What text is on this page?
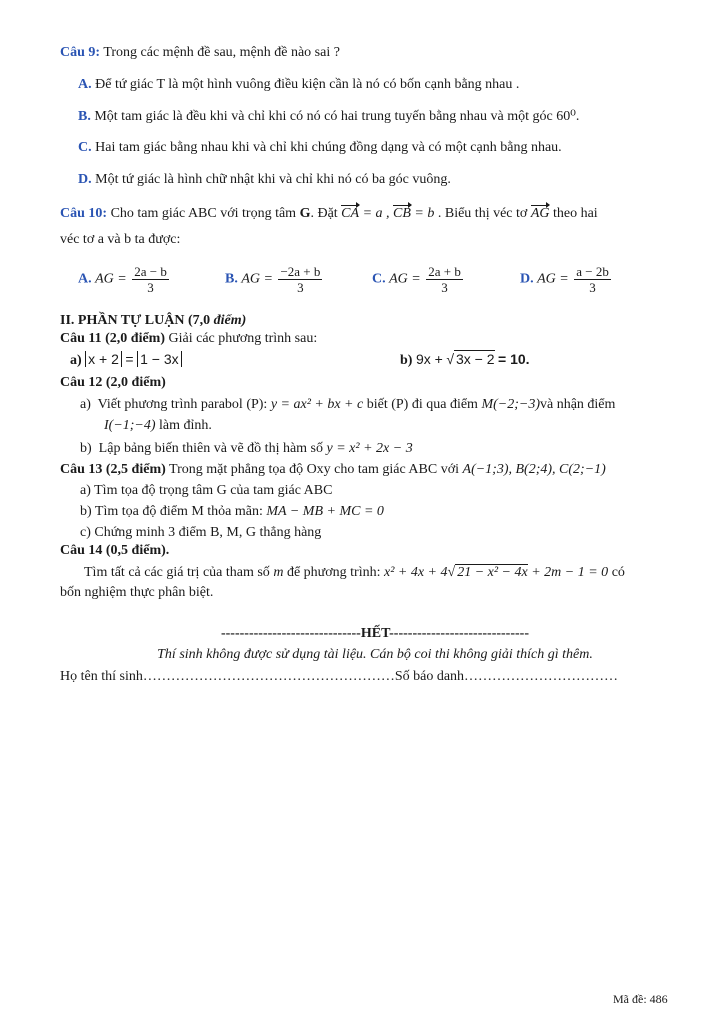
Câu 9: Trong các mệnh đề sau, mệnh đề nào sai ?
A. Để tứ giác T là một hình vuông điều kiện cần là nó có bốn cạnh bằng nhau .
B. Một tam giác là đều khi và chỉ khi có nó có hai trung tuyến bằng nhau và một góc 60⁰.
C. Hai tam giác bằng nhau khi và chỉ khi chúng đồng dạng và có một cạnh bằng nhau.
D. Một tứ giác là hình chữ nhật khi và chỉ khi nó có ba góc vuông.
Câu 10: Cho tam giác ABC với trọng tâm G. Đặt CA = a , CB = b . Biểu thị véc tơ AG theo hai
véc tơ a và b ta được:
A. AG = $\frac{2a - b}{3}$	B. AG = $\frac{-2a + b}{3}$	C. AG = $\frac{2a + b}{3}$	D. AG = $\frac{a - 2b}{3}$
II. PHẦN TỰ LUẬN (7,0 điểm)
Câu 11 (2,0 điểm) Giải các phương trình sau:
a) x + 2 = 1 − 3x	b) 9x + √ 3x − 2 = 10.
Câu 12 (2,0 điểm)
a) Viết phương trình parabol (P): y = ax² + bx + c biết (P) đi qua điểm M(−2;−3)và nhận điểm
I(−1;−4) làm đỉnh.
b) Lập bảng biến thiên và vẽ đồ thị hàm số y = x² + 2x − 3
Câu 13 (2,5 điểm) Trong mặt phẳng tọa độ Oxy cho tam giác ABC với A(−1;3), B(2;4), C(2;−1)
a) Tìm tọa độ trọng tâm G của tam giác ABC
b) Tìm tọa độ điểm M thỏa mãn: MA − MB + MC = 0
c) Chứng minh 3 điểm B, M, G thẳng hàng
Câu 14 (0,5 điểm).
Tìm tất cả các giá trị của tham số m để phương trình: x² + 4x + 4√ 21 − x² − 4x + 2m − 1 = 0 có
bốn nghiệm thực phân biệt.
------------------------------HẾT------------------------------
Thí sinh không được sử dụng tài liệu. Cán bộ coi thi không giải thích gì thêm.
Họ tên thí sinh………………………………………………Số báo danh……………………………
Mã đề: 486
